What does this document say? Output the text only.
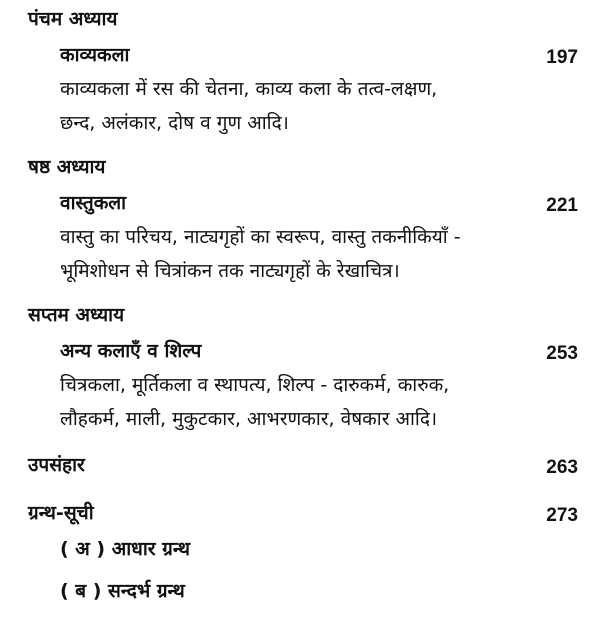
पंचम अध्याय
काव्यकला	197
काव्यकला में रस की चेतना, काव्य कला के तत्व-लक्षण,
छन्द, अलंकार, दोष व गुण आदि।
षष्ठ अध्याय
वास्तुकला	221
वास्तु का परिचय, नाट्यगृहों का स्वरूप, वास्तु तकनीकियाँ -
भूमिशोधन से चित्रांकन तक नाट्यगृहों के रेखाचित्र।
सप्तम अध्याय
अन्य कलाएँ व शिल्प	253
चित्रकला, मूर्तिकला व स्थापत्य, शिल्प - दारुकर्म, कारुक,
लौहकर्म, माली, मुकुटकार, आभरणकार, वेषकार आदि।
उपसंहार	263
ग्रन्थ-सूची	273
( अ ) आधार ग्रन्थ
( ब ) सन्दर्भ ग्रन्थ
